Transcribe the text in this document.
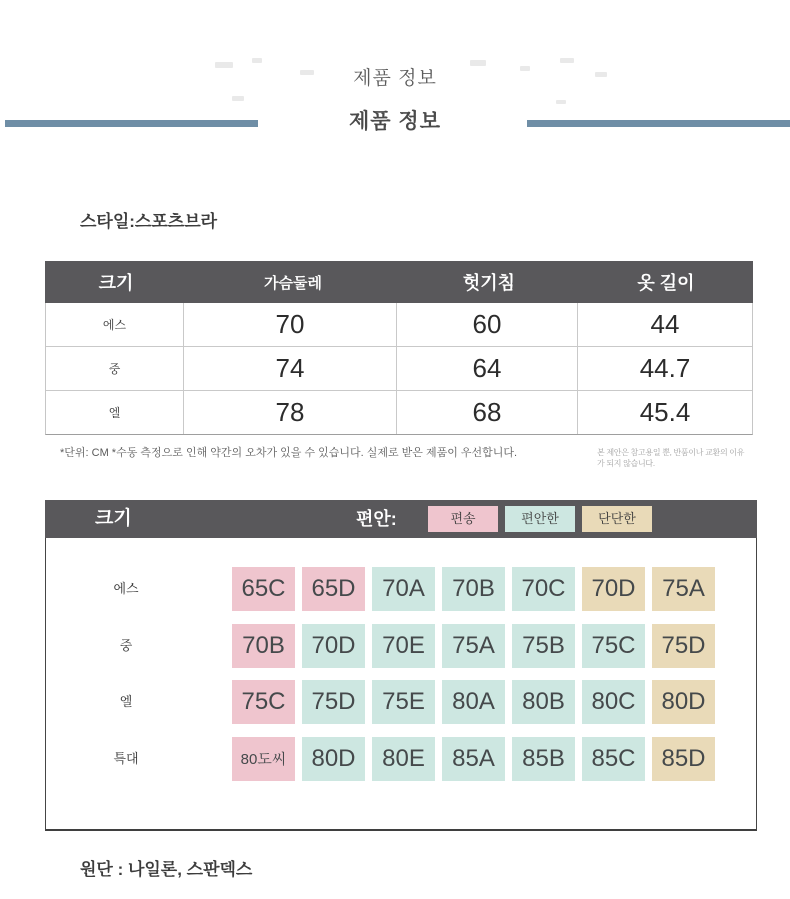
제품 정보
제품 정보
스타일:스포츠브라
크기	가슴둘레	헛기침	옷 길이
에스	70	60	44
중	74	64	44.7
엘	78	68	45.4
*단위: CM *수동 측정으로 인해 약간의 오차가 있을 수 있습니다. 실제로 받은 제품이 우선합니다.	본 제안은 참고용일 뿐, 반품이나 교환의 이유가 되지 않습니다.
크기	편안:	편송	편안한	단단한
에스	65C	65D	70A	70B	70C	70D	75A
중	70B	70D	70E	75A	75B	75C	75D
엘	75C	75D	75E	80A	80B	80C	80D
특대	80도씨	80D	80E	85A	85B	85C	85D
원단 : 나일론, 스판덱스
